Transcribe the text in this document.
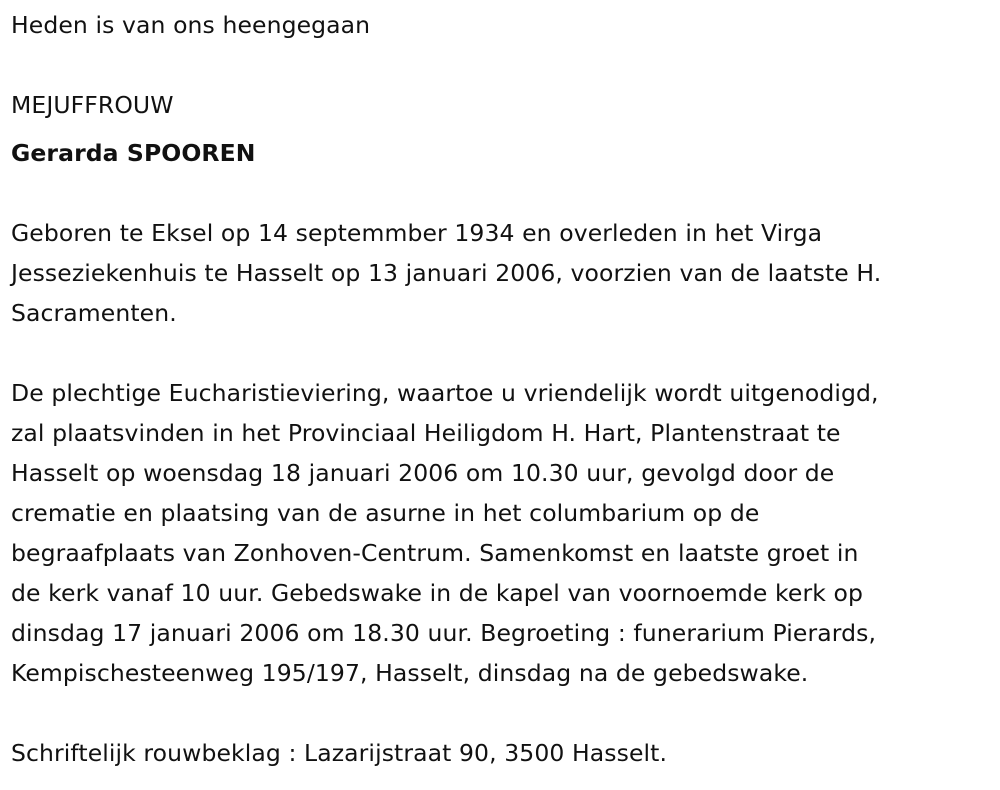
Heden is van ons heengegaan
MEJUFFROUW
Gerarda SPOOREN
Geboren te Eksel op 14 septemmber 1934 en overleden in het Virga
Jesseziekenhuis te Hasselt op 13 januari 2006, voorzien van de laatste H.
Sacramenten.
De plechtige Eucharistieviering, waartoe u vriendelijk wordt uitgenodigd,
zal plaatsvinden in het Provinciaal Heiligdom H. Hart, Plantenstraat te
Hasselt op woensdag 18 januari 2006 om 10.30 uur, gevolgd door de
crematie en plaatsing van de asurne in het columbarium op de
begraafplaats van Zonhoven-Centrum. Samenkomst en laatste groet in
de kerk vanaf 10 uur. Gebedswake in de kapel van voornoemde kerk op
dinsdag 17 januari 2006 om 18.30 uur. Begroeting : funerarium Pierards,
Kempischesteenweg 195/197, Hasselt, dinsdag na de gebedswake.
Schriftelijk rouwbeklag : Lazarijstraat 90, 3500 Hasselt.
